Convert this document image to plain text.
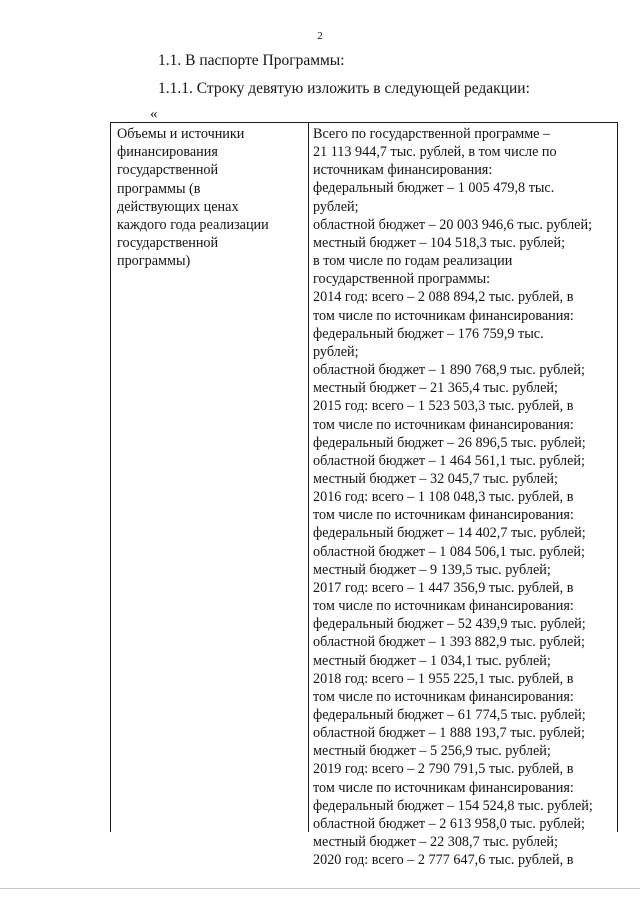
2
1.1. В паспорте Программы:
1.1.1. Строку девятую изложить в следующей редакции:
«
Объемы и источники
финансирования
государственной
программы (в
действующих ценах
каждого года реализации
государственной
программы)
Всего по государственной программе –
21 113 944,7 тыс. рублей, в том числе по
источникам финансирования:
федеральный бюджет – 1 005 479,8 тыс.
рублей;
областной бюджет – 20 003 946,6 тыс. рублей;
местный бюджет – 104 518,3 тыс. рублей;
в том числе по годам реализации
государственной программы:
2014 год: всего – 2 088 894,2 тыс. рублей, в
том числе по источникам финансирования:
федеральный бюджет – 176 759,9 тыс.
рублей;
областной бюджет – 1 890 768,9 тыс. рублей;
местный бюджет – 21 365,4 тыс. рублей;
2015 год: всего – 1 523 503,3 тыс. рублей, в
том числе по источникам финансирования:
федеральный бюджет – 26 896,5 тыс. рублей;
областной бюджет – 1 464 561,1 тыс. рублей;
местный бюджет – 32 045,7 тыс. рублей;
2016 год: всего – 1 108 048,3 тыс. рублей, в
том числе по источникам финансирования:
федеральный бюджет – 14 402,7 тыс. рублей;
областной бюджет – 1 084 506,1 тыс. рублей;
местный бюджет – 9 139,5 тыс. рублей;
2017 год: всего – 1 447 356,9 тыс. рублей, в
том числе по источникам финансирования:
федеральный бюджет – 52 439,9 тыс. рублей;
областной бюджет – 1 393 882,9 тыс. рублей;
местный бюджет – 1 034,1 тыс. рублей;
2018 год: всего – 1 955 225,1 тыс. рублей, в
том числе по источникам финансирования:
федеральный бюджет – 61 774,5 тыс. рублей;
областной бюджет – 1 888 193,7 тыс. рублей;
местный бюджет – 5 256,9 тыс. рублей;
2019 год: всего – 2 790 791,5 тыс. рублей, в
том числе по источникам финансирования:
федеральный бюджет – 154 524,8 тыс. рублей;
областной бюджет – 2 613 958,0 тыс. рублей;
местный бюджет – 22 308,7 тыс. рублей;
2020 год: всего – 2 777 647,6 тыс. рублей, в
